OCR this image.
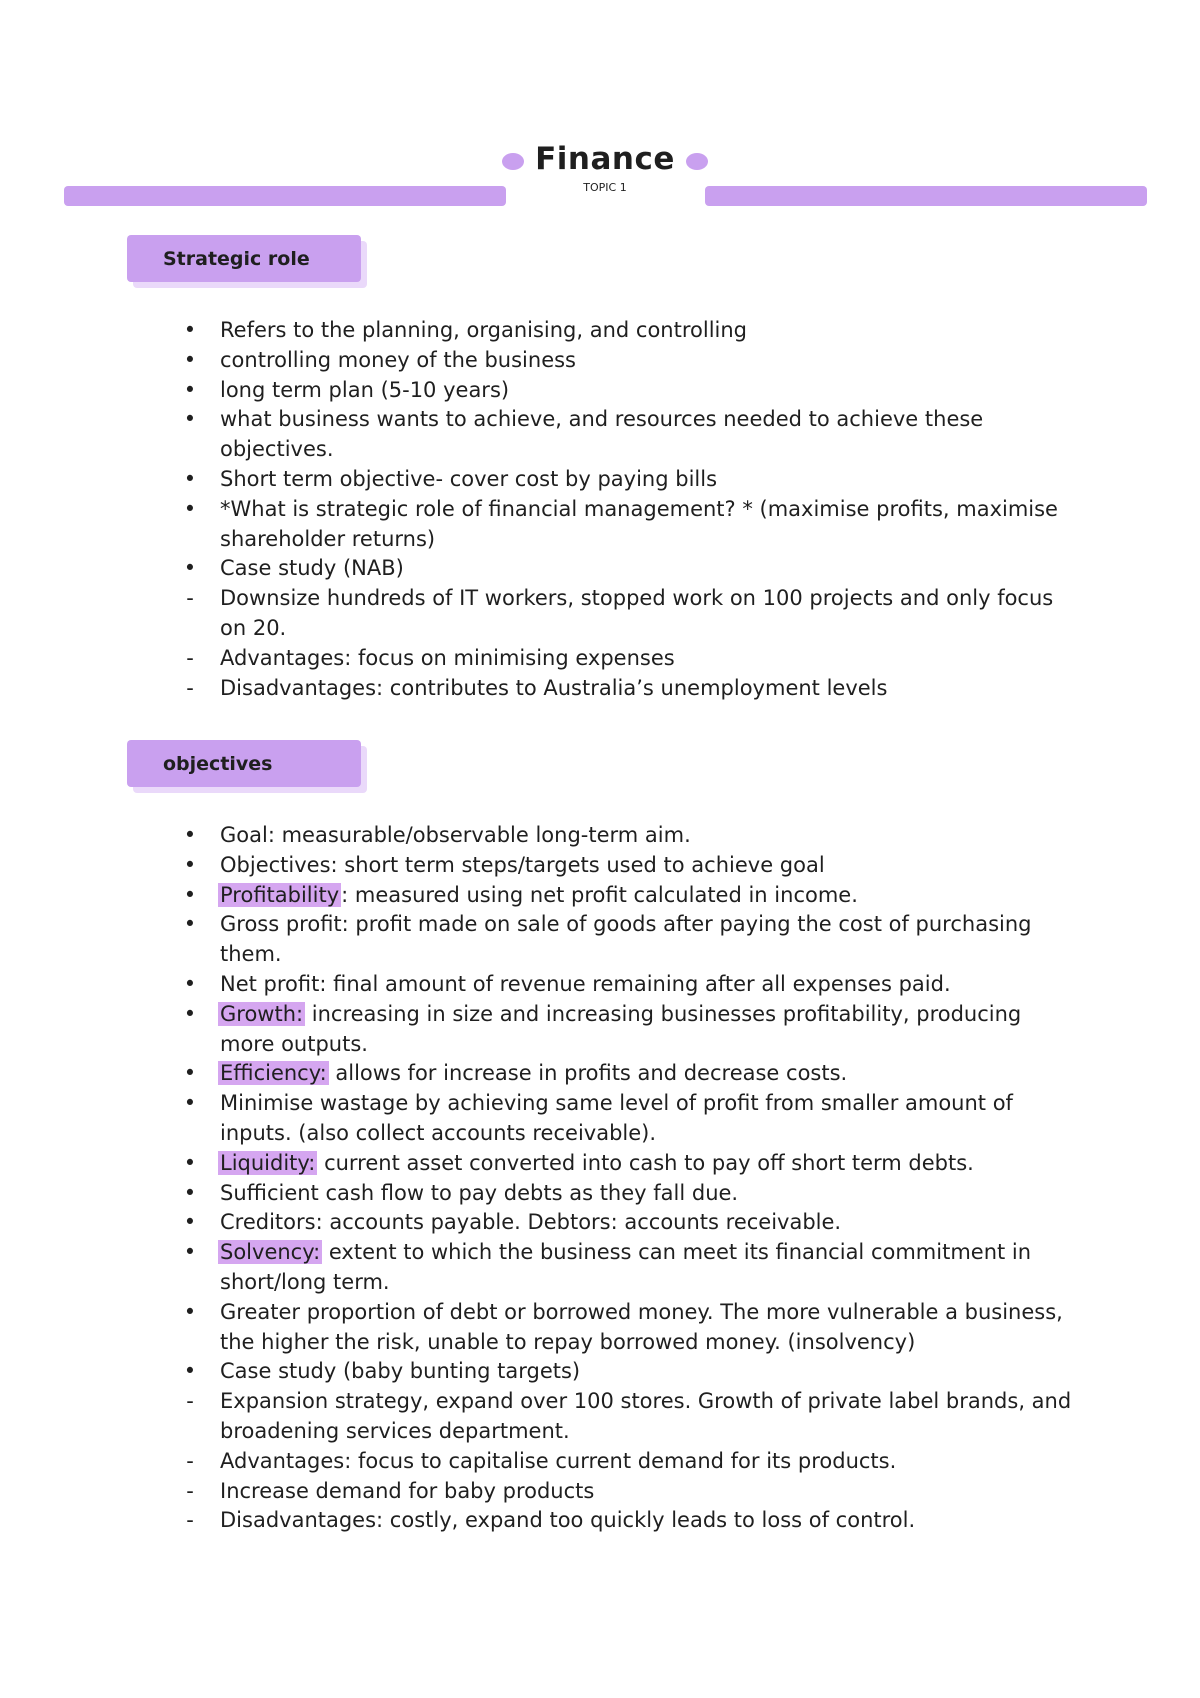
Finance

TOPIC 1

Strategic role
• Refers to the planning, organising, and controlling
• controlling money of the business
• long term plan (5-10 years)
• what business wants to achieve, and resources needed to achieve these objectives.
• Short term objective- cover cost by paying bills
• *What is strategic role of financial management? * (maximise profits, maximise shareholder returns)
• Case study (NAB)
- Downsize hundreds of IT workers, stopped work on 100 projects and only focus on 20.
- Advantages: focus on minimising expenses
- Disadvantages: contributes to Australia’s unemployment levels
objectives
• Goal: measurable/observable long-term aim.
• Objectives: short term steps/targets used to achieve goal
• Profitability: measured using net profit calculated in income.
• Gross profit: profit made on sale of goods after paying the cost of purchasing them.
• Net profit: final amount of revenue remaining after all expenses paid.
• Growth: increasing in size and increasing businesses profitability, producing more outputs.
• Efficiency: allows for increase in profits and decrease costs.
• Minimise wastage by achieving same level of profit from smaller amount of inputs. (also collect accounts receivable).
• Liquidity: current asset converted into cash to pay off short term debts.
• Sufficient cash flow to pay debts as they fall due.
• Creditors: accounts payable. Debtors: accounts receivable.
• Solvency: extent to which the business can meet its financial commitment in short/long term.
• Greater proportion of debt or borrowed money. The more vulnerable a business, the higher the risk, unable to repay borrowed money. (insolvency)
• Case study (baby bunting targets)
- Expansion strategy, expand over 100 stores. Growth of private label brands, and broadening services department.
- Advantages: focus to capitalise current demand for its products.
- Increase demand for baby products
- Disadvantages: costly, expand too quickly leads to loss of control.
